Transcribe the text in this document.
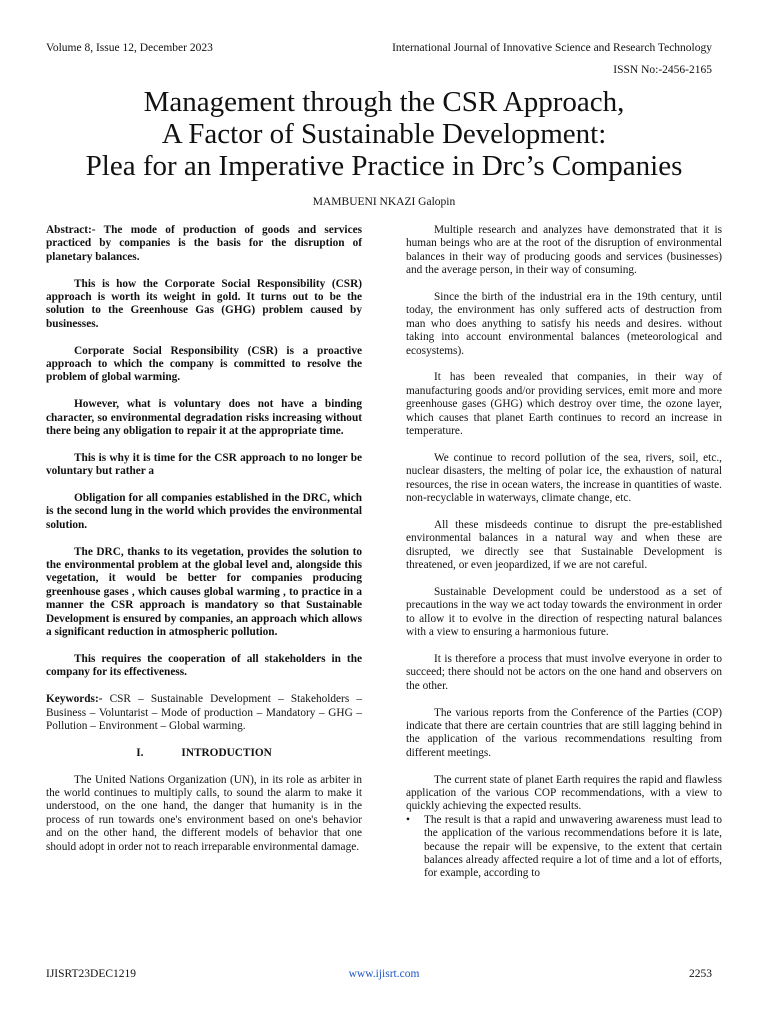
Volume 8, Issue 12, December 2023	International Journal of Innovative Science and Research Technology
ISSN No:-2456-2165
Management through the CSR Approach,
A Factor of Sustainable Development:
Plea for an Imperative Practice in Drc’s Companies
MAMBUENI NKAZI Galopin

Abstract:- The mode of production of goods and services practiced by companies is the basis for the disruption of planetary balances.

This is how the Corporate Social Responsibility (CSR) approach is worth its weight in gold. It turns out to be the solution to the Greenhouse Gas (GHG) problem caused by businesses.

Corporate Social Responsibility (CSR) is a proactive approach to which the company is committed to resolve the problem of global warming.

However, what is voluntary does not have a binding character, so environmental degradation risks increasing without there being any obligation to repair it at the appropriate time.

This is why it is time for the CSR approach to no longer be voluntary but rather a

Obligation for all companies established in the DRC, which is the second lung in the world which provides the environmental solution.

The DRC, thanks to its vegetation, provides the solution to the environmental problem at the global level and, alongside this vegetation, it would be better for companies producing greenhouse gases , which causes global warming , to practice in a manner the CSR approach is mandatory so that Sustainable Development is ensured by companies, an approach which allows a significant reduction in atmospheric pollution.

This requires the cooperation of all stakeholders in the company for its effectiveness.

Keywords:- CSR – Sustainable Development – Stakeholders – Business – Voluntarist – Mode of production – Mandatory – GHG – Pollution – Environment – Global warming.

I.	INTRODUCTION

The United Nations Organization (UN), in its role as arbiter in the world continues to multiply calls, to sound the alarm to make it understood, on the one hand, the danger that humanity is in the process of run towards one's environment based on one's behavior and on the other hand, the different models of behavior that one should adopt in order not to reach irreparable environmental damage.

Multiple research and analyzes have demonstrated that it is human beings who are at the root of the disruption of environmental balances in their way of producing goods and services (businesses) and the average person, in their way of consuming.

Since the birth of the industrial era in the 19th century, until today, the environment has only suffered acts of destruction from man who does anything to satisfy his needs and desires. without taking into account environmental balances (meteorological and ecosystems).

It has been revealed that companies, in their way of manufacturing goods and/or providing services, emit more and more greenhouse gases (GHG) which destroy over time, the ozone layer, which causes that planet Earth continues to record an increase in temperature.

We continue to record pollution of the sea, rivers, soil, etc., nuclear disasters, the melting of polar ice, the exhaustion of natural resources, the rise in ocean waters, the increase in quantities of waste. non-recyclable in waterways, climate change, etc.

All these misdeeds continue to disrupt the pre-established environmental balances in a natural way and when these are disrupted, we directly see that Sustainable Development is threatened, or even jeopardized, if we are not careful.

Sustainable Development could be understood as a set of precautions in the way we act today towards the environment in order to allow it to evolve in the direction of respecting natural balances with a view to ensuring a harmonious future.

It is therefore a process that must involve everyone in order to succeed; there should not be actors on the one hand and observers on the other.

The various reports from the Conference of the Parties (COP) indicate that there are certain countries that are still lagging behind in the application of the various recommendations resulting from different meetings.

The current state of planet Earth requires the rapid and flawless application of the various COP recommendations, with a view to quickly achieving the expected results.

• The result is that a rapid and unwavering awareness must lead to the application of the various recommendations before it is late, because the repair will be expensive, to the extent that certain balances already affected require a lot of time and a lot of efforts, for example, according to
IJISRT23DEC1219	www.ijisrt.com	2253
